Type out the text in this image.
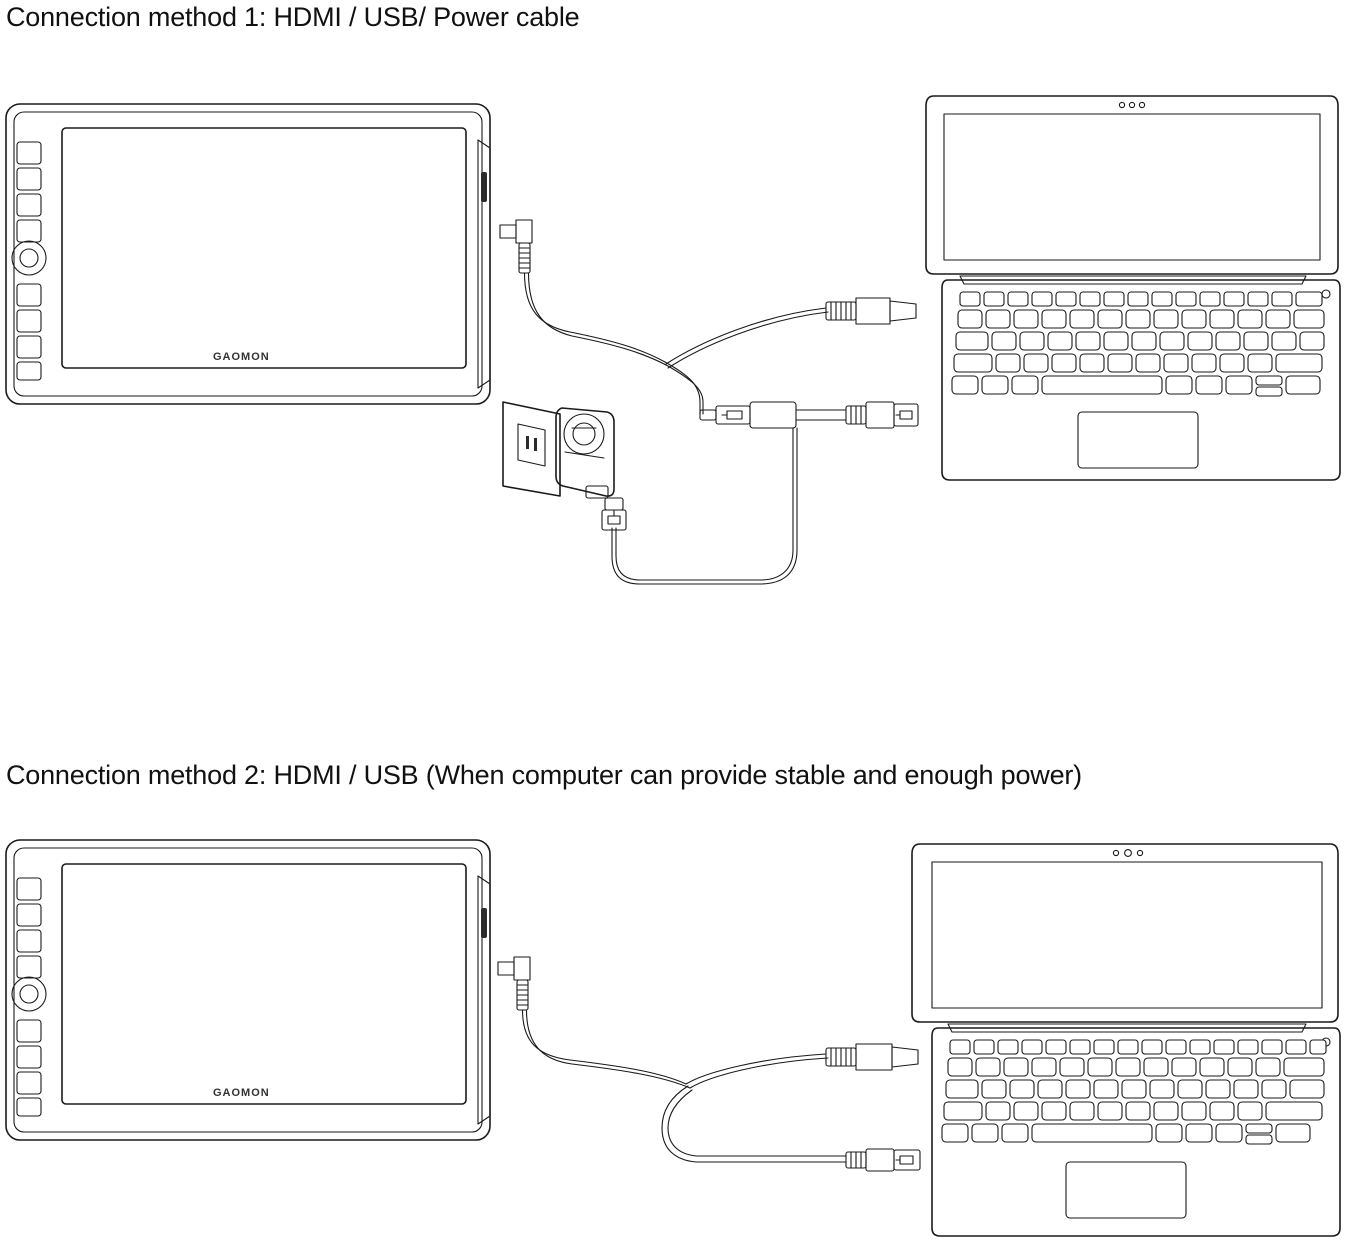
Connection method 1: HDMI / USB/ Power cable
GAOMON
Connection method 2: HDMI / USB (When computer can provide stable and enough power)
GAOMON
